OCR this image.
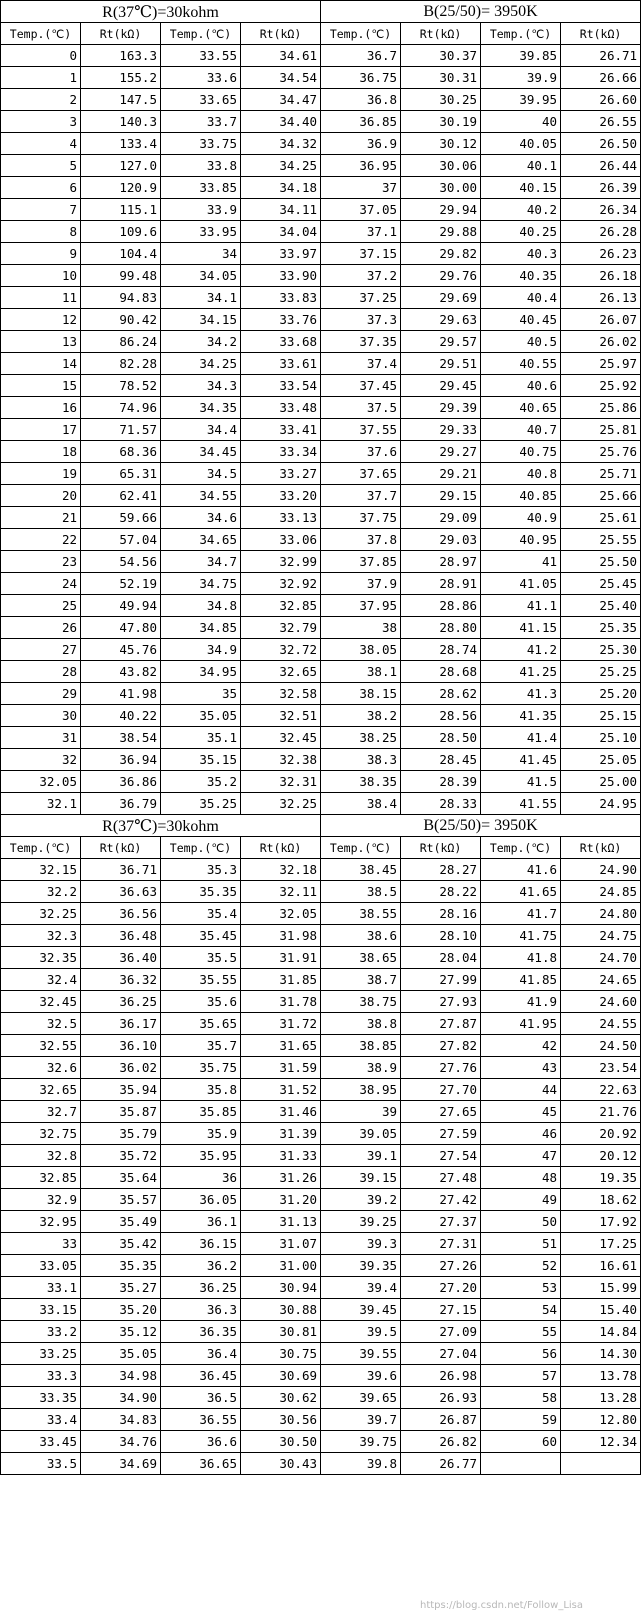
R(37℃)=30kohm				B(25/50)= 3950K			
Temp.(℃)	Rt(kΩ)	Temp.(℃)	Rt(kΩ)	Temp.(℃)	Rt(kΩ)	Temp.(℃)	Rt(kΩ)
0	163.3	33.55	34.61	36.7	30.37	39.85	26.71
1	155.2	33.6	34.54	36.75	30.31	39.9	26.66
2	147.5	33.65	34.47	36.8	30.25	39.95	26.60
3	140.3	33.7	34.40	36.85	30.19	40	26.55
4	133.4	33.75	34.32	36.9	30.12	40.05	26.50
5	127.0	33.8	34.25	36.95	30.06	40.1	26.44
6	120.9	33.85	34.18	37	30.00	40.15	26.39
7	115.1	33.9	34.11	37.05	29.94	40.2	26.34
8	109.6	33.95	34.04	37.1	29.88	40.25	26.28
9	104.4	34	33.97	37.15	29.82	40.3	26.23
10	99.48	34.05	33.90	37.2	29.76	40.35	26.18
11	94.83	34.1	33.83	37.25	29.69	40.4	26.13
12	90.42	34.15	33.76	37.3	29.63	40.45	26.07
13	86.24	34.2	33.68	37.35	29.57	40.5	26.02
14	82.28	34.25	33.61	37.4	29.51	40.55	25.97
15	78.52	34.3	33.54	37.45	29.45	40.6	25.92
16	74.96	34.35	33.48	37.5	29.39	40.65	25.86
17	71.57	34.4	33.41	37.55	29.33	40.7	25.81
18	68.36	34.45	33.34	37.6	29.27	40.75	25.76
19	65.31	34.5	33.27	37.65	29.21	40.8	25.71
20	62.41	34.55	33.20	37.7	29.15	40.85	25.66
21	59.66	34.6	33.13	37.75	29.09	40.9	25.61
22	57.04	34.65	33.06	37.8	29.03	40.95	25.55
23	54.56	34.7	32.99	37.85	28.97	41	25.50
24	52.19	34.75	32.92	37.9	28.91	41.05	25.45
25	49.94	34.8	32.85	37.95	28.86	41.1	25.40
26	47.80	34.85	32.79	38	28.80	41.15	25.35
27	45.76	34.9	32.72	38.05	28.74	41.2	25.30
28	43.82	34.95	32.65	38.1	28.68	41.25	25.25
29	41.98	35	32.58	38.15	28.62	41.3	25.20
30	40.22	35.05	32.51	38.2	28.56	41.35	25.15
31	38.54	35.1	32.45	38.25	28.50	41.4	25.10
32	36.94	35.15	32.38	38.3	28.45	41.45	25.05
32.05	36.86	35.2	32.31	38.35	28.39	41.5	25.00
32.1	36.79	35.25	32.25	38.4	28.33	41.55	24.95
R(37℃)=30kohm				B(25/50)= 3950K			
Temp.(℃)	Rt(kΩ)	Temp.(℃)	Rt(kΩ)	Temp.(℃)	Rt(kΩ)	Temp.(℃)	Rt(kΩ)
32.15	36.71	35.3	32.18	38.45	28.27	41.6	24.90
32.2	36.63	35.35	32.11	38.5	28.22	41.65	24.85
32.25	36.56	35.4	32.05	38.55	28.16	41.7	24.80
32.3	36.48	35.45	31.98	38.6	28.10	41.75	24.75
32.35	36.40	35.5	31.91	38.65	28.04	41.8	24.70
32.4	36.32	35.55	31.85	38.7	27.99	41.85	24.65
32.45	36.25	35.6	31.78	38.75	27.93	41.9	24.60
32.5	36.17	35.65	31.72	38.8	27.87	41.95	24.55
32.55	36.10	35.7	31.65	38.85	27.82	42	24.50
32.6	36.02	35.75	31.59	38.9	27.76	43	23.54
32.65	35.94	35.8	31.52	38.95	27.70	44	22.63
32.7	35.87	35.85	31.46	39	27.65	45	21.76
32.75	35.79	35.9	31.39	39.05	27.59	46	20.92
32.8	35.72	35.95	31.33	39.1	27.54	47	20.12
32.85	35.64	36	31.26	39.15	27.48	48	19.35
32.9	35.57	36.05	31.20	39.2	27.42	49	18.62
32.95	35.49	36.1	31.13	39.25	27.37	50	17.92
33	35.42	36.15	31.07	39.3	27.31	51	17.25
33.05	35.35	36.2	31.00	39.35	27.26	52	16.61
33.1	35.27	36.25	30.94	39.4	27.20	53	15.99
33.15	35.20	36.3	30.88	39.45	27.15	54	15.40
33.2	35.12	36.35	30.81	39.5	27.09	55	14.84
33.25	35.05	36.4	30.75	39.55	27.04	56	14.30
33.3	34.98	36.45	30.69	39.6	26.98	57	13.78
33.35	34.90	36.5	30.62	39.65	26.93	58	13.28
33.4	34.83	36.55	30.56	39.7	26.87	59	12.80
33.45	34.76	36.6	30.50	39.75	26.82	60	12.34
33.5	34.69	36.65	30.43	39.8	26.77		
https://blog.csdn.net/Follow_Lisa
